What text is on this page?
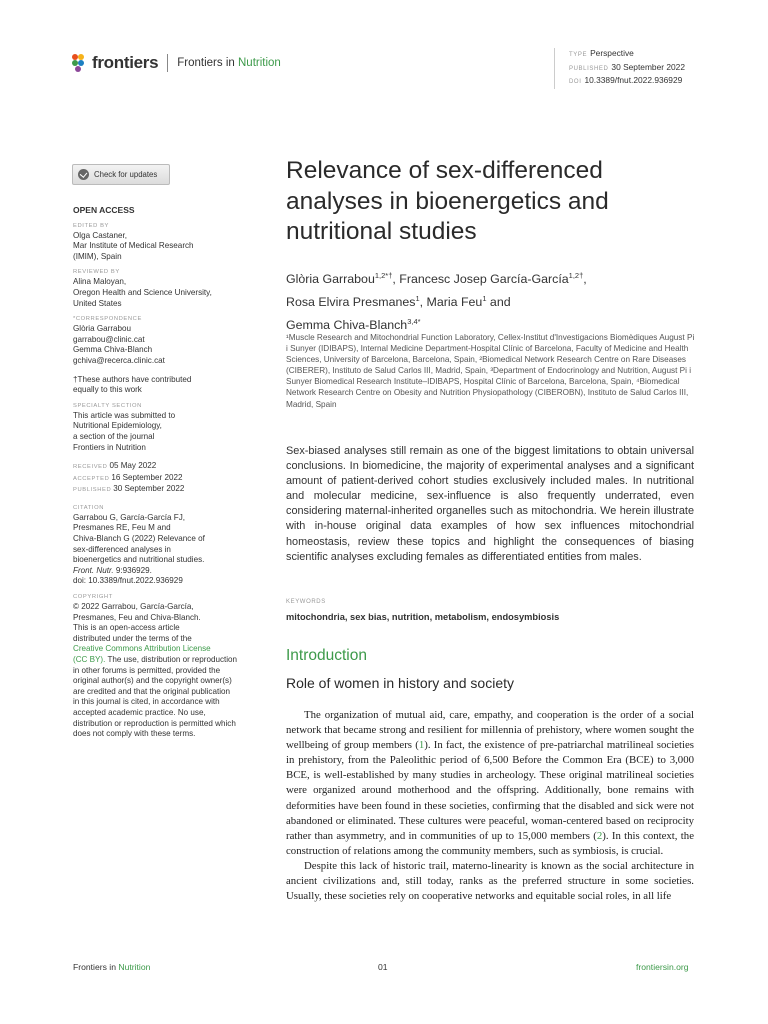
frontiers Frontiers in Nutrition
TYPE Perspective
PUBLISHED 30 September 2022
DOI 10.3389/fnut.2022.936929
Check for updates
OPEN ACCESS
EDITED BY
Olga Castaner,
Mar Institute of Medical Research
(IMIM), Spain
REVIEWED BY
Alina Maloyan,
Oregon Health and Science University,
United States
*CORRESPONDENCE
Glòria Garrabou
garrabou@clinic.cat
Gemma Chiva-Blanch
gchiva@recerca.clinic.cat
†These authors have contributed
equally to this work
SPECIALTY SECTION
This article was submitted to
Nutritional Epidemiology,
a section of the journal
Frontiers in Nutrition
RECEIVED 05 May 2022
ACCEPTED 16 September 2022
PUBLISHED 30 September 2022
CITATION
Garrabou G, García-García FJ,
Presmanes RE, Feu M and
Chiva-Blanch G (2022) Relevance of
sex-differenced analyses in
bioenergetics and nutritional studies.
Front. Nutr. 9:936929.
doi: 10.3389/fnut.2022.936929
COPYRIGHT
© 2022 Garrabou, García-García,
Presmanes, Feu and Chiva-Blanch.
This is an open-access article
distributed under the terms of the
Creative Commons Attribution License
(CC BY). The use, distribution or reproduction in other forums is permitted, provided the original author(s) and the copyright owner(s) are credited and that the original publication in this journal is cited, in accordance with accepted academic practice. No use, distribution or reproduction is permitted which does not comply with these terms.
Relevance of sex-differenced analyses in bioenergetics and nutritional studies
Glòria Garrabou$^{1,2*\dagger}$, Francesc Josep García-García$^{1,2\dagger}$,
Rosa Elvira Presmanes$^1$, Maria Feu$^1$ and
Gemma Chiva-Blanch$^{3,4*}$
¹Muscle Research and Mitochondrial Function Laboratory, Cellex-Institut d'Investigacions Biomèdiques August Pi i Sunyer (IDIBAPS), Internal Medicine Department-Hospital Clínic of Barcelona, Faculty of Medicine and Health Sciences, University of Barcelona, Barcelona, Spain, ²Biomedical Network Research Centre on Rare Diseases (CIBERER), Instituto de Salud Carlos III, Madrid, Spain, ³Department of Endocrinology and Nutrition, August Pi i Sunyer Biomedical Research Institute–IDIBAPS, Hospital Clínic of Barcelona, Barcelona, Spain, ⁴Biomedical Network Research Centre on Obesity and Nutrition Physiopathology (CIBEROBN), Instituto de Salud Carlos III, Madrid, Spain
Sex-biased analyses still remain as one of the biggest limitations to obtain universal conclusions. In biomedicine, the majority of experimental analyses and a significant amount of patient-derived cohort studies exclusively included males. In nutritional and molecular medicine, sex-influence is also frequently underrated, even considering maternal-inherited organelles such as mitochondria. We herein illustrate with in-house original data examples of how sex influences mitochondrial homeostasis, review these topics and highlight the consequences of biasing scientific analyses excluding females as differentiated entities from males.
KEYWORDS
mitochondria, sex bias, nutrition, metabolism, endosymbiosis
Introduction
Role of women in history and society

The organization of mutual aid, care, empathy, and cooperation is the order of a social network that became strong and resilient for millennia of prehistory, where women sought the wellbeing of group members (1). In fact, the existence of pre-patriarchal matrilineal societies in prehistory, from the Paleolithic period of 6,500 Before the Common Era (BCE) to 3,000 BCE, is well-established by many studies in archeology. These original matrilineal societies were organized around motherhood and the offspring. Additionally, bone remains with deformities have been found in these societies, confirming that the disabled and sick were not abandoned or eliminated. These cultures were peaceful, woman-centered based on reciprocity rather than asymmetry, and in communities of up to 15,000 members (2). In this context, the construction of relations among the community members, such as symbiosis, is crucial.

Despite this lack of historic trail, materno-linearity is known as the social architecture in ancient civilizations and, still today, ranks as the preferred structure in some societies. Usually, these societies rely on cooperative networks and equitable social roles, in all life

Frontiers in Nutrition	01	frontiersin.org
